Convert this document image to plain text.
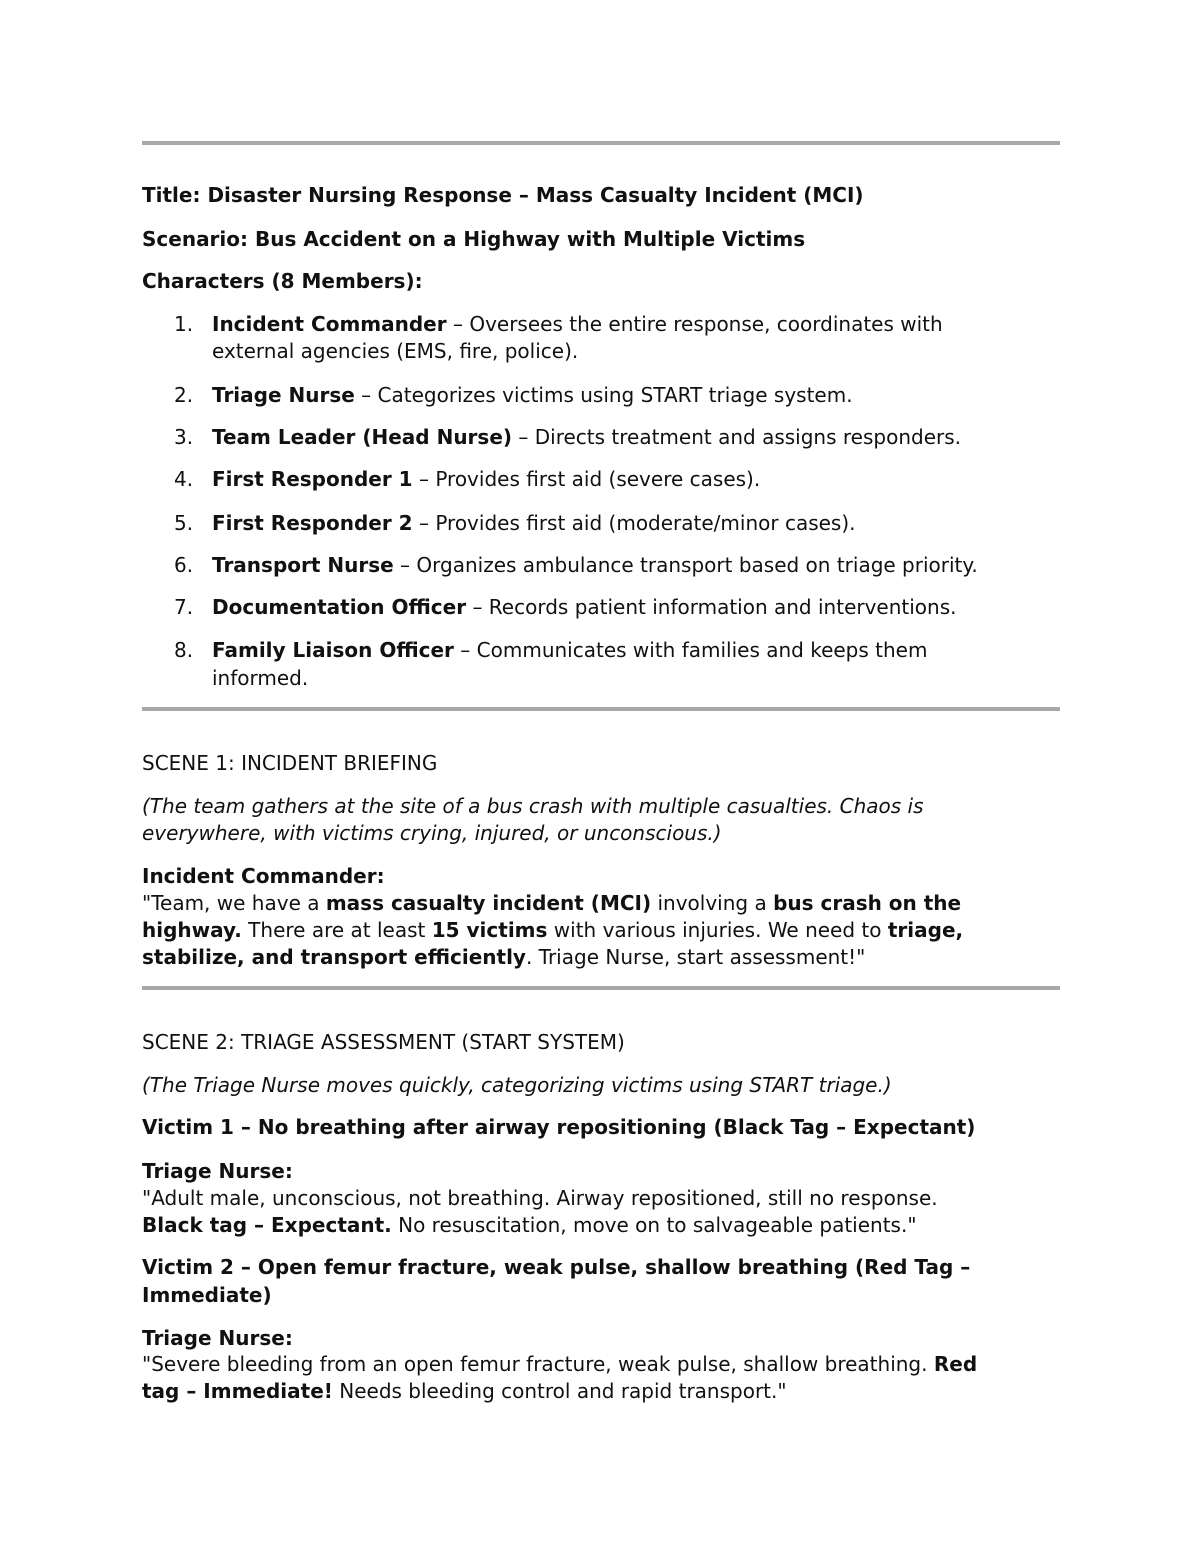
Title: Disaster Nursing Response – Mass Casualty Incident (MCI)
Scenario: Bus Accident on a Highway with Multiple Victims
Characters (8 Members):
1. Incident Commander – Oversees the entire response, coordinates with
external agencies (EMS, fire, police).
2. Triage Nurse – Categorizes victims using START triage system.
3. Team Leader (Head Nurse) – Directs treatment and assigns responders.
4. First Responder 1 – Provides first aid (severe cases).
5. First Responder 2 – Provides first aid (moderate/minor cases).
6. Transport Nurse – Organizes ambulance transport based on triage priority.
7. Documentation Officer – Records patient information and interventions.
8. Family Liaison Officer – Communicates with families and keeps them
informed.
SCENE 1: INCIDENT BRIEFING
(The team gathers at the site of a bus crash with multiple casualties. Chaos is
everywhere, with victims crying, injured, or unconscious.)
Incident Commander:
"Team, we have a mass casualty incident (MCI) involving a bus crash on the
highway. There are at least 15 victims with various injuries. We need to triage,
stabilize, and transport efficiently. Triage Nurse, start assessment!"
SCENE 2: TRIAGE ASSESSMENT (START SYSTEM)
(The Triage Nurse moves quickly, categorizing victims using START triage.)
Victim 1 – No breathing after airway repositioning (Black Tag – Expectant)
Triage Nurse:
"Adult male, unconscious, not breathing. Airway repositioned, still no response.
Black tag – Expectant. No resuscitation, move on to salvageable patients."
Victim 2 – Open femur fracture, weak pulse, shallow breathing (Red Tag –
Immediate)
Triage Nurse:
"Severe bleeding from an open femur fracture, weak pulse, shallow breathing. Red
tag – Immediate! Needs bleeding control and rapid transport."
